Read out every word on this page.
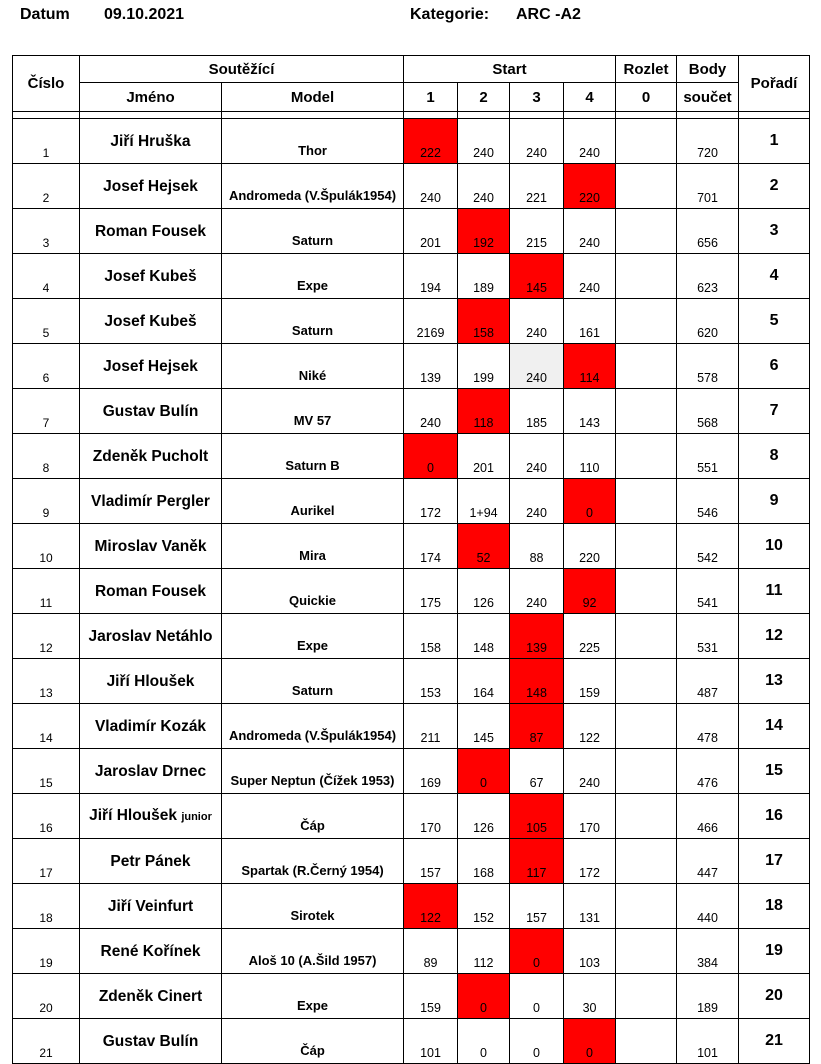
Datum 09.10.2021	Kategorie: ARC -A2
Číslo	Soutěžící		Start				Rozlet	Body	Pořadí
	Jméno	Model	1	2	3	4	0	součet	

1	Jiří Hruška	Thor	222	240	240	240		720	1
2	Josef Hejsek	Andromeda (V.Špulák1954)	240	240	221	220		701	2
3	Roman Fousek	Saturn	201	192	215	240		656	3
4	Josef Kubeš	Expe	194	189	145	240		623	4
5	Josef Kubeš	Saturn	2169	158	240	161		620	5
6	Josef Hejsek	Niké	139	199	240	114		578	6
7	Gustav Bulín	MV 57	240	118	185	143		568	7
8	Zdeněk Pucholt	Saturn B	0	201	240	110		551	8
9	Vladimír Pergler	Aurikel	172	1+94	240	0		546	9
10	Miroslav Vaněk	Mira	174	52	88	220		542	10
11	Roman Fousek	Quickie	175	126	240	92		541	11
12	Jaroslav Netáhlo	Expe	158	148	139	225		531	12
13	Jiří Hloušek	Saturn	153	164	148	159		487	13
14	Vladimír Kozák	Andromeda (V.Špulák1954)	211	145	87	122		478	14
15	Jaroslav Drnec	Super Neptun (Čížek 1953)	169	0	67	240		476	15
16	Jiří Hloušek junior	Čáp	170	126	105	170		466	16
17	Petr Pánek	Spartak (R.Černý 1954)	157	168	117	172		447	17
18	Jiří Veinfurt	Sirotek	122	152	157	131		440	18
19	René Kořínek	Aloš 10 (A.Šild 1957)	89	112	0	103		384	19
20	Zdeněk Cinert	Expe	159	0	0	30		189	20
21	Gustav Bulín	Čáp	101	0	0	0		101	21
